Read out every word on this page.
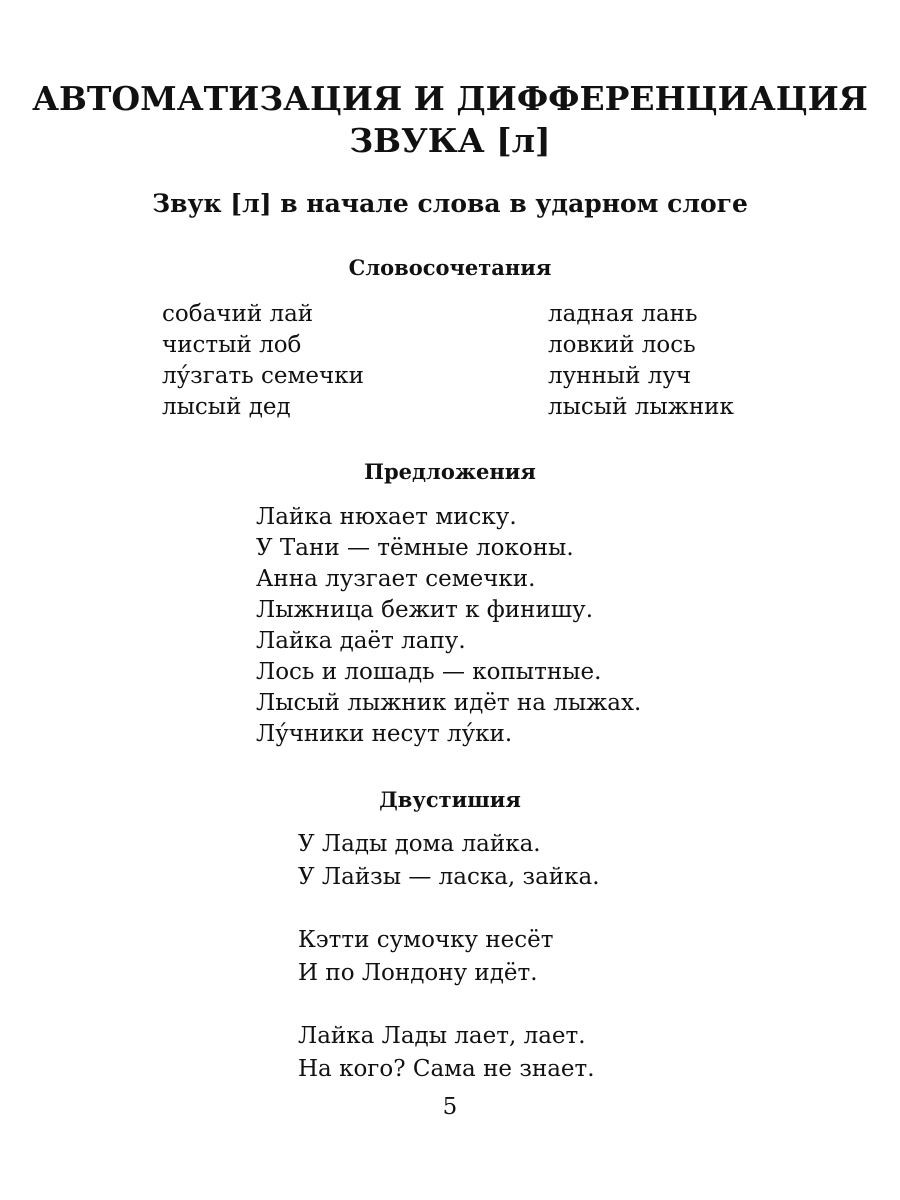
АВТОМАТИЗАЦИЯ И ДИФФЕРЕНЦИАЦИЯ
ЗВУКА [л]
Звук [л] в начале слова в ударном слоге
Словосочетания
собачий лай
чистый лоб
лу́згать семечки
лысый дед
ладная лань
ловкий лось
лунный луч
лысый лыжник
Предложения
Лайка нюхает миску.
У Тани — тёмные локоны.
Анна лузгает семечки.
Лыжница бежит к финишу.
Лайка даёт лапу.
Лось и лошадь — копытные.
Лысый лыжник идёт на лыжах.
Лу́чники несут лу́ки.
Двустишия

У Лады дома лайка.
У Лайзы — ласка, зайка.

Кэтти сумочку несёт
И по Лондону идёт.

Лайка Лады лает, лает.
На кого? Сама не знает.

5
